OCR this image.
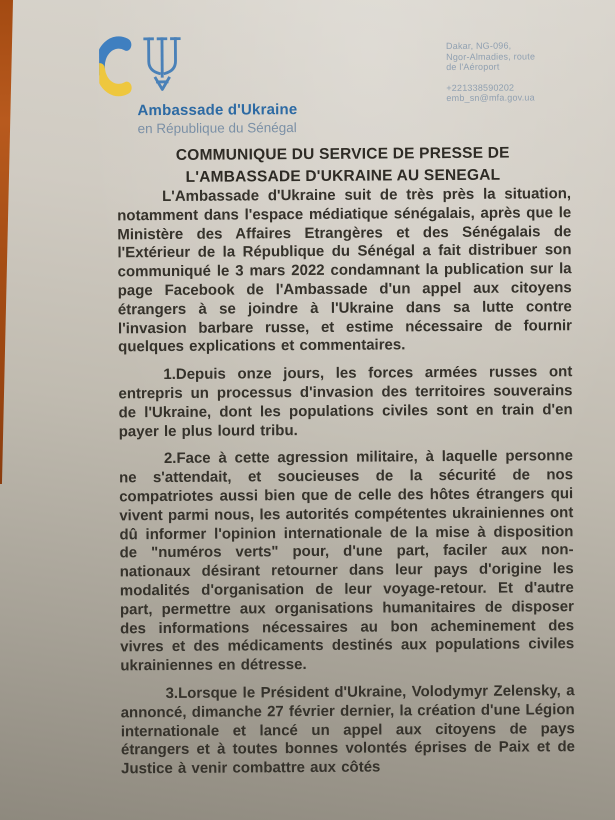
Ambassade d'Ukraine
en République du Sénégal
Dakar, NG-096,
Ngor-Almadies, route
de l'Aéroport
+221338590202
emb_sn@mfa.gov.ua
COMMUNIQUE DU SERVICE DE PRESSE DE
L'AMBASSADE D'UKRAINE AU SENEGAL

L'Ambassade d'Ukraine suit de très près la situation, notamment dans l'espace médiatique sénégalais, après que le Ministère des Affaires Etrangères et des Sénégalais de l'Extérieur de la République du Sénégal a fait distribuer son communiqué le 3 mars 2022 condamnant la publication sur la page Facebook de l'Ambassade d'un appel aux citoyens étrangers à se joindre à l'Ukraine dans sa lutte contre l'invasion barbare russe, et estime nécessaire de fournir quelques explications et commentaires.

1.Depuis onze jours, les forces armées russes ont entrepris un processus d'invasion des territoires souverains de l'Ukraine, dont les populations civiles sont en train d'en payer le plus lourd tribu.

2.Face à cette agression militaire, à laquelle personne ne s'attendait, et soucieuses de la sécurité de nos compatriotes aussi bien que de celle des hôtes étrangers qui vivent parmi nous, les autorités compétentes ukrainiennes ont dû informer l'opinion internationale de la mise à disposition de "numéros verts" pour, d'une part, faciler aux non-nationaux désirant retourner dans leur pays d'origine les modalités d'organisation de leur voyage-retour. Et d'autre part, permettre aux organisations humanitaires de disposer des informations nécessaires au bon acheminement des vivres et des médicaments destinés aux populations civiles ukrainiennes en détresse.

3.Lorsque le Président d'Ukraine, Volodymyr Zelensky, a annoncé, dimanche 27 février dernier, la création d'une Légion internationale et lancé un appel aux citoyens de pays étrangers et à toutes bonnes volontés éprises de Paix et de Justice à venir combattre aux côtés
